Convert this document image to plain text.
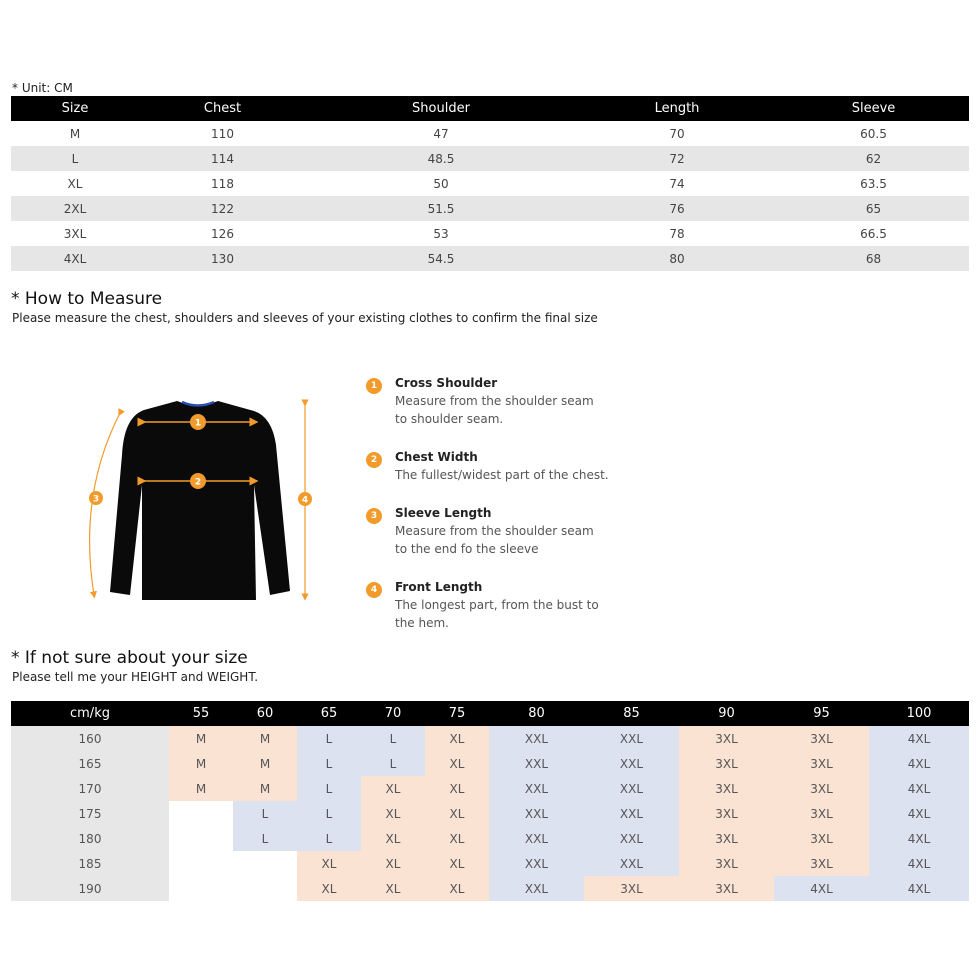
* Unit: CM
Size	Chest	Shoulder	Length	Sleeve
M	110	47	70	60.5
L	114	48.5	72	62
XL	118	50	74	63.5
2XL	122	51.5	76	65
3XL	126	53	78	66.5
4XL	130	54.5	80	68
* How to Measure
Please measure the chest, shoulders and sleeves of your existing clothes to confirm the final size
1
2
3	4
1	Cross Shoulder
Measure from the shoulder seam
to shoulder seam.
2	Chest Width
The fullest/widest part of the chest.
3	Sleeve Length
Measure from the shoulder seam
to the end fo the sleeve
4	Front Length
The longest part, from the bust to
the hem.
* If not sure about your size
Please tell me your HEIGHT and WEIGHT.
cm/kg	55	60	65	70	75	80	85	90	95	100
160	M	M	L	L	XL	XXL	XXL	3XL	3XL	4XL
165	M	M	L	L	XL	XXL	XXL	3XL	3XL	4XL
170	M	M	L	XL	XL	XXL	XXL	3XL	3XL	4XL
175		L	L	XL	XL	XXL	XXL	3XL	3XL	4XL
180		L	L	XL	XL	XXL	XXL	3XL	3XL	4XL
185			XL	XL	XL	XXL	XXL	3XL	3XL	4XL
190			XL	XL	XL	XXL	3XL	3XL	4XL	4XL
